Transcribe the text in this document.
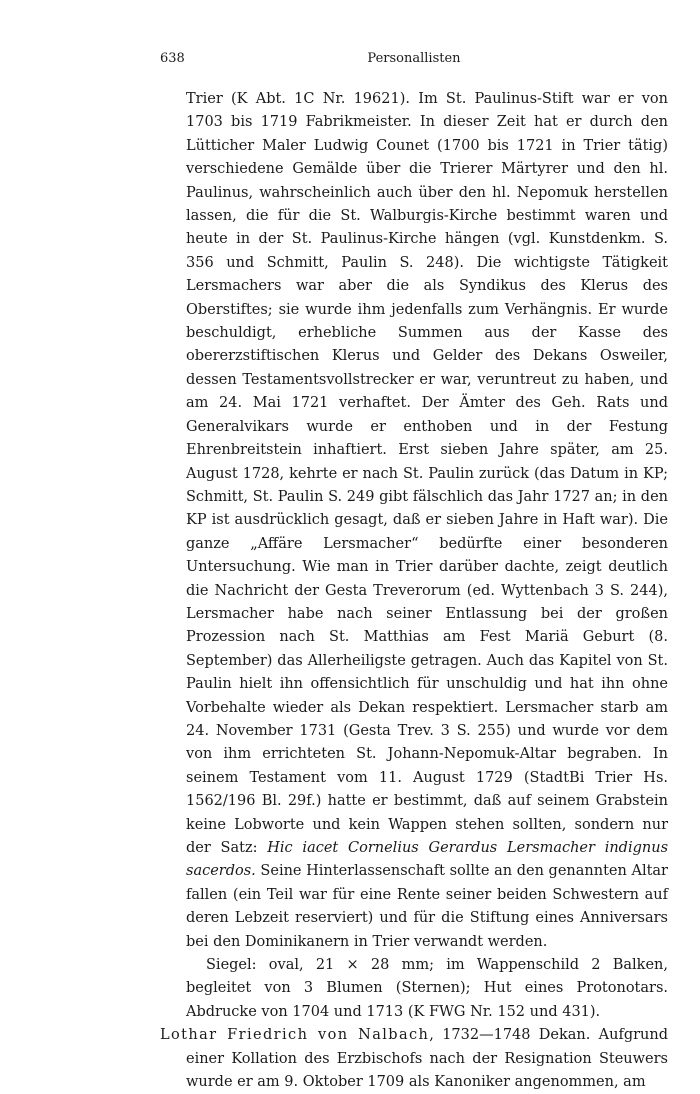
638	Personallisten

Trier (K Abt. 1C Nr. 19621). Im St. Paulinus-Stift war er von 1703 bis 1719 Fabrikmeister. In dieser Zeit hat er durch den Lütticher Maler Ludwig Counet (1700 bis 1721 in Trier tätig) verschiedene Gemälde über die Trierer Märtyrer und den hl. Paulinus, wahrscheinlich auch über den hl. Nepomuk herstellen lassen, die für die St. Walburgis-Kirche bestimmt waren und heute in der St. Paulinus-Kirche hängen (vgl. Kunstdenkm. S. 356 und Schmitt, Paulin S. 248). Die wichtigste Tätigkeit Lersmachers war aber die als Syndikus des Klerus des Oberstiftes; sie wurde ihm jedenfalls zum Verhängnis. Er wurde beschuldigt, erhebliche Summen aus der Kasse des obererzstiftischen Klerus und Gelder des Dekans Osweiler, dessen Testamentsvollstrecker er war, veruntreut zu haben, und am 24. Mai 1721 verhaftet. Der Ämter des Geh. Rats und Generalvikars wurde er enthoben und in der Festung Ehrenbreitstein inhaftiert. Erst sieben Jahre später, am 25. August 1728, kehrte er nach St. Paulin zurück (das Datum in KP; Schmitt, St. Paulin S. 249 gibt fälschlich das Jahr 1727 an; in den KP ist ausdrücklich gesagt, daß er sieben Jahre in Haft war). Die ganze „Affäre Lersmacher“ bedürfte einer besonderen Untersuchung. Wie man in Trier darüber dachte, zeigt deutlich die Nachricht der Gesta Treverorum (ed. Wyttenbach 3 S. 244), Lersmacher habe nach seiner Entlassung bei der großen Prozession nach St. Matthias am Fest Mariä Geburt (8. September) das Allerheiligste getragen. Auch das Kapitel von St. Paulin hielt ihn offensichtlich für unschuldig und hat ihn ohne Vorbehalte wieder als Dekan respektiert. Lersmacher starb am 24. November 1731 (Gesta Trev. 3 S. 255) und wurde vor dem von ihm errichteten St. Johann-Nepomuk-Altar begraben. In seinem Testament vom 11. August 1729 (StadtBi Trier Hs. 1562/196 Bl. 29f.) hatte er bestimmt, daß auf seinem Grabstein keine Lobworte und kein Wappen stehen sollten, sondern nur der Satz: Hic iacet Cornelius Gerardus Lersmacher indignus sacerdos. Seine Hinterlassenschaft sollte an den genannten Altar fallen (ein Teil war für eine Rente seiner beiden Schwestern auf deren Lebzeit reserviert) und für die Stiftung eines Anniversars bei den Dominikanern in Trier verwandt werden.

Siegel: oval, 21 × 28 mm; im Wappenschild 2 Balken, begleitet von 3 Blumen (Sternen); Hut eines Protonotars. Abdrucke von 1704 und 1713 (K FWG Nr. 152 und 431).

Lothar Friedrich von Nalbach, 1732—1748 Dekan. Aufgrund einer Kollation des Erzbischofs nach der Resignation Steuwers wurde er am 9. Oktober 1709 als Kanoniker angenommen, am
